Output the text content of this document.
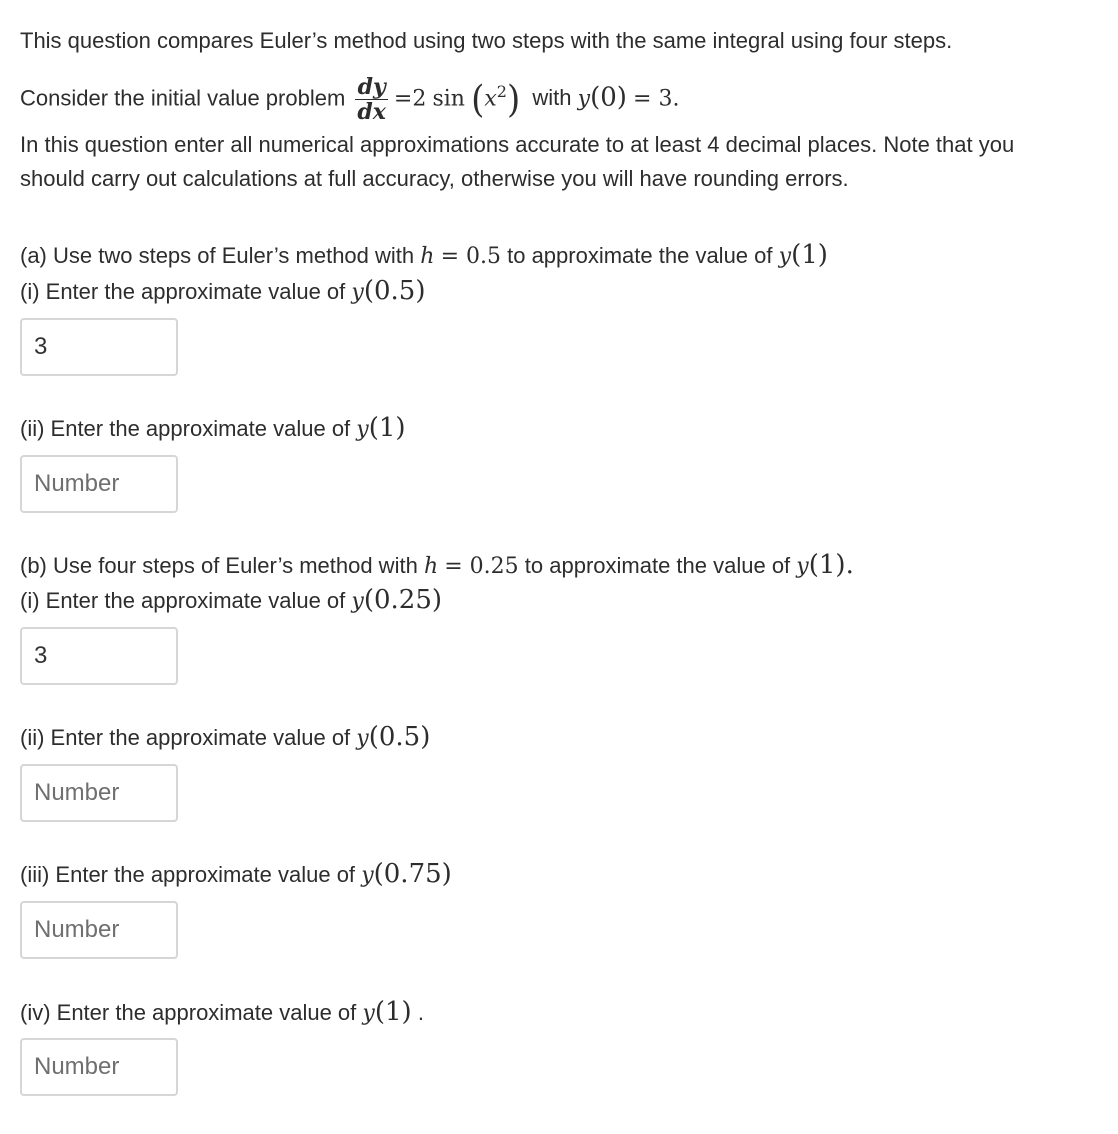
This question compares Euler’s method using two steps with the same integral using four steps.
Consider the initial value problem $\frac{dy}{dx} =2$ $\sin (x^2)$ with y(0) = 3.
In this question enter all numerical approximations accurate to at least 4 decimal places. Note that you
should carry out calculations at full accuracy, otherwise you will have rounding errors.
(a) Use two steps of Euler’s method with h = 0.5 to approximate the value of y(1)
(i) Enter the approximate value of y(0.5)
3
(ii) Enter the approximate value of y(1)
Number
(b) Use four steps of Euler’s method with h = 0.25 to approximate the value of y(1).
(i) Enter the approximate value of y(0.25)
3
(ii) Enter the approximate value of y(0.5)
Number
(iii) Enter the approximate value of y(0.75)
Number
(iv) Enter the approximate value of y(1) .
Number
